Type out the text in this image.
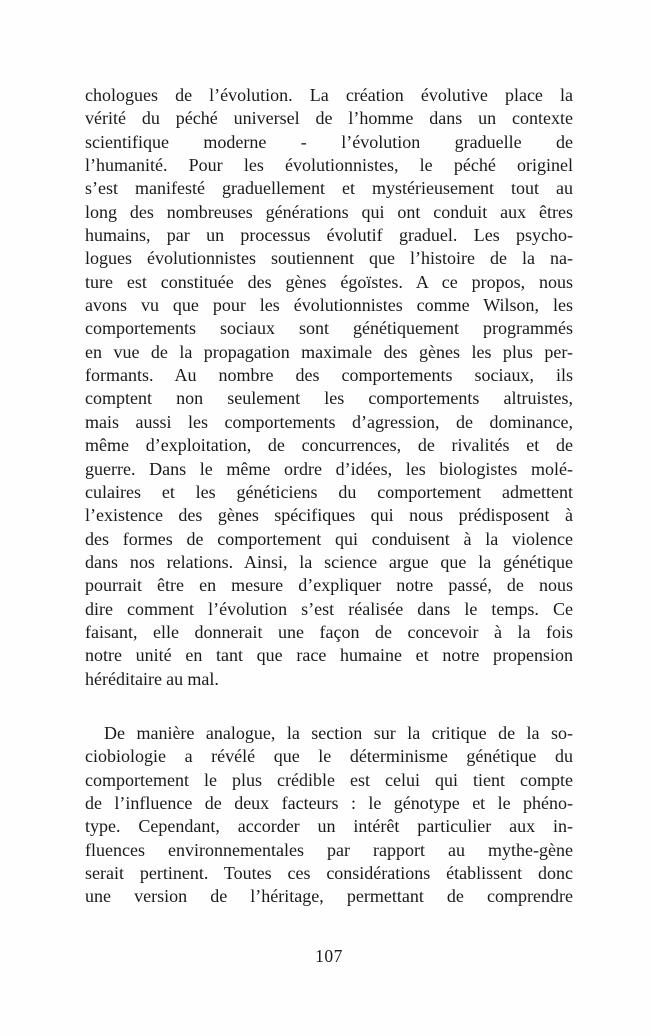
chologues de l’évolution. La création évolutive place la
vérité du péché universel de l’homme dans un contexte
scientifique moderne - l’évolution graduelle de
l’humanité. Pour les évolutionnistes, le péché originel
s’est manifesté graduellement et mystérieusement tout au
long des nombreuses générations qui ont conduit aux êtres
humains, par un processus évolutif graduel. Les psycho-
logues évolutionnistes soutiennent que l’histoire de la na-
ture est constituée des gènes égoïstes. A ce propos, nous
avons vu que pour les évolutionnistes comme Wilson, les
comportements sociaux sont génétiquement programmés
en vue de la propagation maximale des gènes les plus per-
formants. Au nombre des comportements sociaux, ils
comptent non seulement les comportements altruistes,
mais aussi les comportements d’agression, de dominance,
même d’exploitation, de concurrences, de rivalités et de
guerre. Dans le même ordre d’idées, les biologistes molé-
culaires et les généticiens du comportement admettent
l’existence des gènes spécifiques qui nous prédisposent à
des formes de comportement qui conduisent à la violence
dans nos relations. Ainsi, la science argue que la génétique
pourrait être en mesure d’expliquer notre passé, de nous
dire comment l’évolution s’est réalisée dans le temps. Ce
faisant, elle donnerait une façon de concevoir à la fois
notre unité en tant que race humaine et notre propension
héréditaire au mal.
De manière analogue, la section sur la critique de la so-
ciobiologie a révélé que le déterminisme génétique du
comportement le plus crédible est celui qui tient compte
de l’influence de deux facteurs : le génotype et le phéno-
type. Cependant, accorder un intérêt particulier aux in-
fluences environnementales par rapport au mythe-gène
serait pertinent. Toutes ces considérations établissent donc
une version de l’héritage, permettant de comprendre
107
